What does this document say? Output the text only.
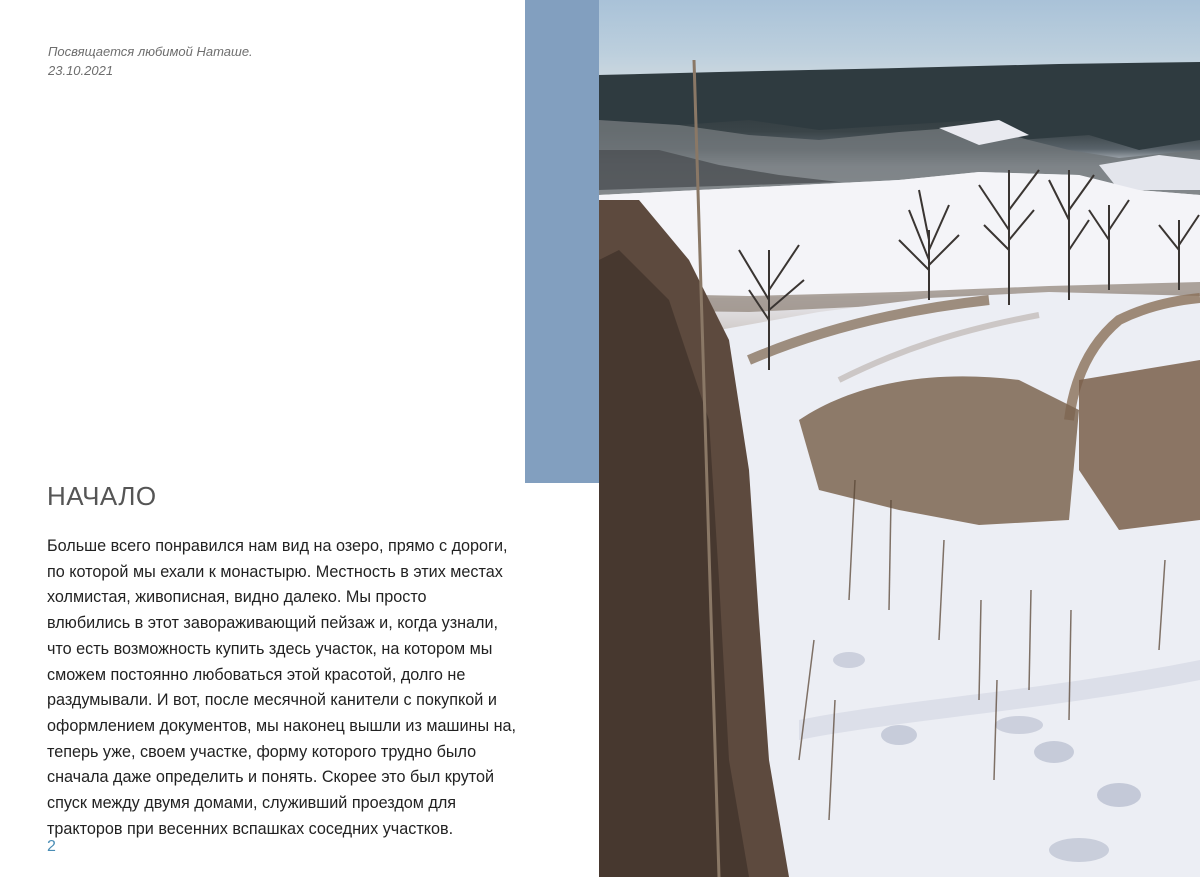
Посвящается любимой Наташе.
23.10.2021
НАЧАЛО
Больше всего понравился нам вид на озеро, прямо с дороги,
по которой мы ехали к монастырю. Местность в этих местах
холмистая, живописная, видно далеко. Мы просто
влюбились в этот завораживающий пейзаж и, когда узнали,
что есть возможность купить здесь участок, на котором мы
сможем постоянно любоваться этой красотой, долго не
раздумывали. И вот, после месячной канители с покупкой и
оформлением документов, мы наконец вышли из машины на,
теперь уже, своем участке, форму которого трудно было
сначала даже определить и понять. Скорее это был крутой
спуск между двумя домами, служивший проездом для
тракторов при весенних вспашках соседних участков.
2
